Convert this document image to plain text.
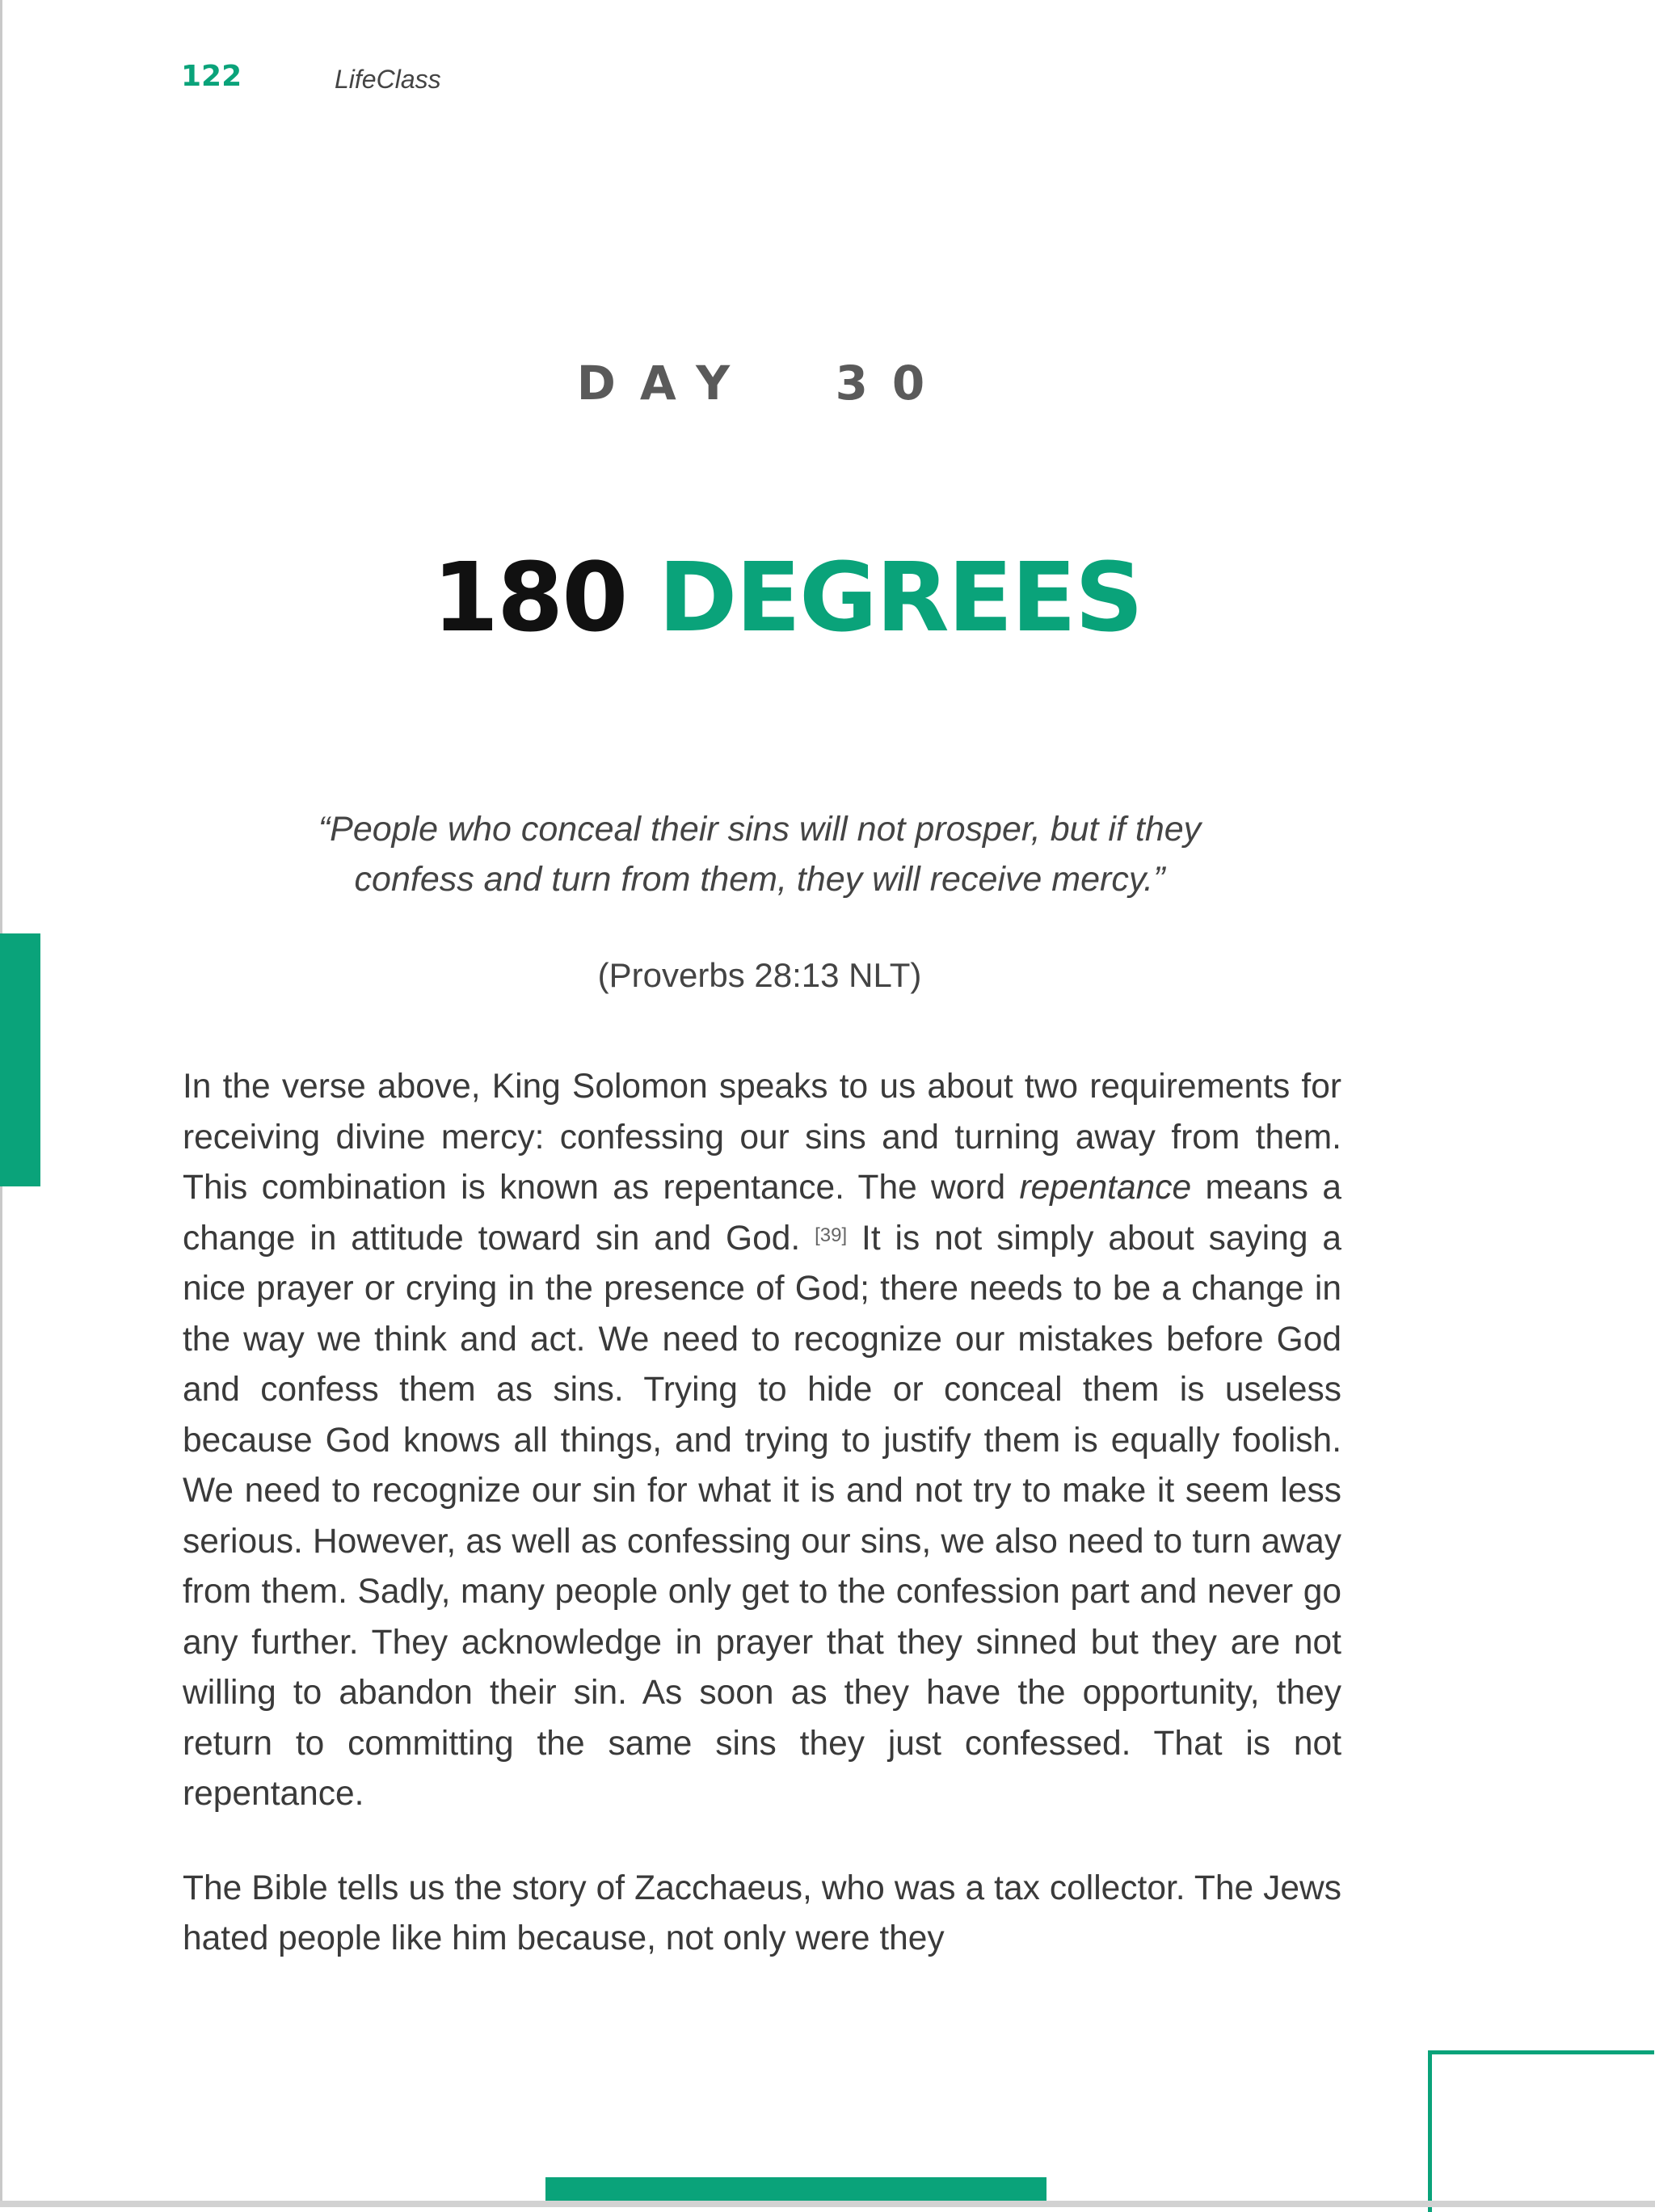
122	LifeClass
DAY  30
180 DEGREES
“People who conceal their sins will not prosper, but if they confess and turn from them, they will receive mercy.”
(Proverbs 28:13 NLT)

In the verse above, King Solomon speaks to us about two requirements for receiving divine mercy: confessing our sins and turning away from them. This combination is known as repentance. The word repentance means a change in attitude toward sin and God. [39] It is not simply about saying a nice prayer or crying in the presence of God; there needs to be a change in the way we think and act. We need to recognize our mistakes before God and confess them as sins. Trying to hide or conceal them is useless because God knows all things, and trying to justify them is equally foolish. We need to recognize our sin for what it is and not try to make it seem less serious. However, as well as confessing our sins, we also need to turn away from them. Sadly, many people only get to the confession part and never go any further. They acknowledge in prayer that they sinned but they are not willing to abandon their sin. As soon as they have the opportunity, they return to committing the same sins they just confessed. That is not repentance.

The Bible tells us the story of Zacchaeus, who was a tax collector. The Jews hated people like him because, not only were they
